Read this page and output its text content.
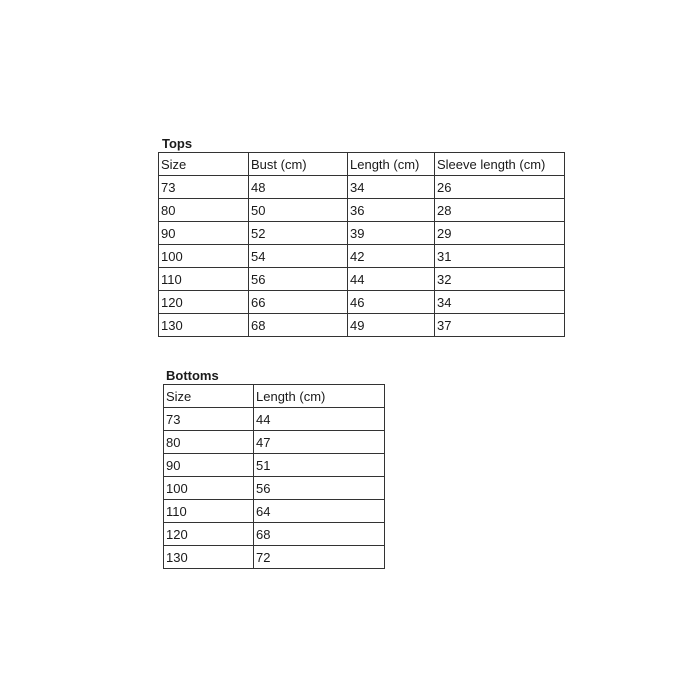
Tops
Size	Bust (cm)	Length (cm)	Sleeve length (cm)
73	48	34	26
80	50	36	28
90	52	39	29
100	54	42	31
110	56	44	32
120	66	46	34
130	68	49	37
Bottoms
Size	Length (cm)
73	44
80	47
90	51
100	56
110	64
120	68
130	72
